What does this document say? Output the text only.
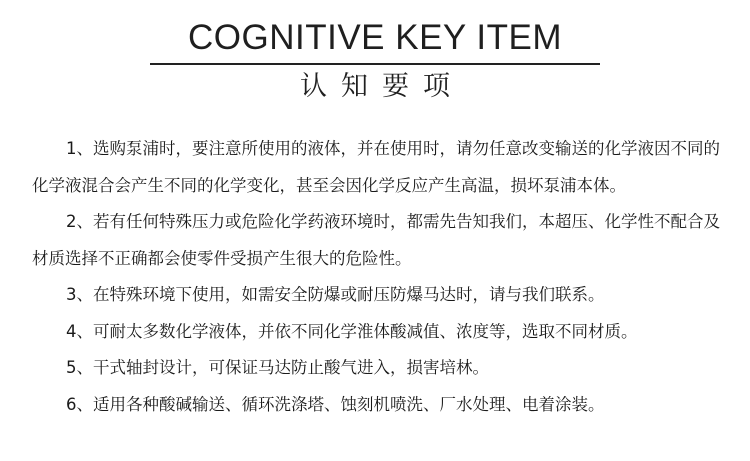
COGNITIVE KEY ITEM
认知要项

1、选购泵浦时，要注意所使用的液体，并在使用时，请勿任意改变输送的化学液因不同的化学液混合会产生不同的化学变化，甚至会因化学反应产生高温，损坏泵浦本体。

2、若有任何特殊压力或危险化学药液环境时，都需先告知我们，本超压、化学性不配合及材质选择不正确都会使零件受损产生很大的危险性。

3、在特殊环境下使用，如需安全防爆或耐压防爆马达时，请与我们联系。

4、可耐太多数化学液体，并依不同化学淮体酸减值、浓度等，选取不同材质。

5、干式轴封设计，可保证马达防止酸气进入，损害培林。

6、适用各种酸碱输送、循环洗涤塔、蚀刻机喷洗、厂水处理、电着涂装。
